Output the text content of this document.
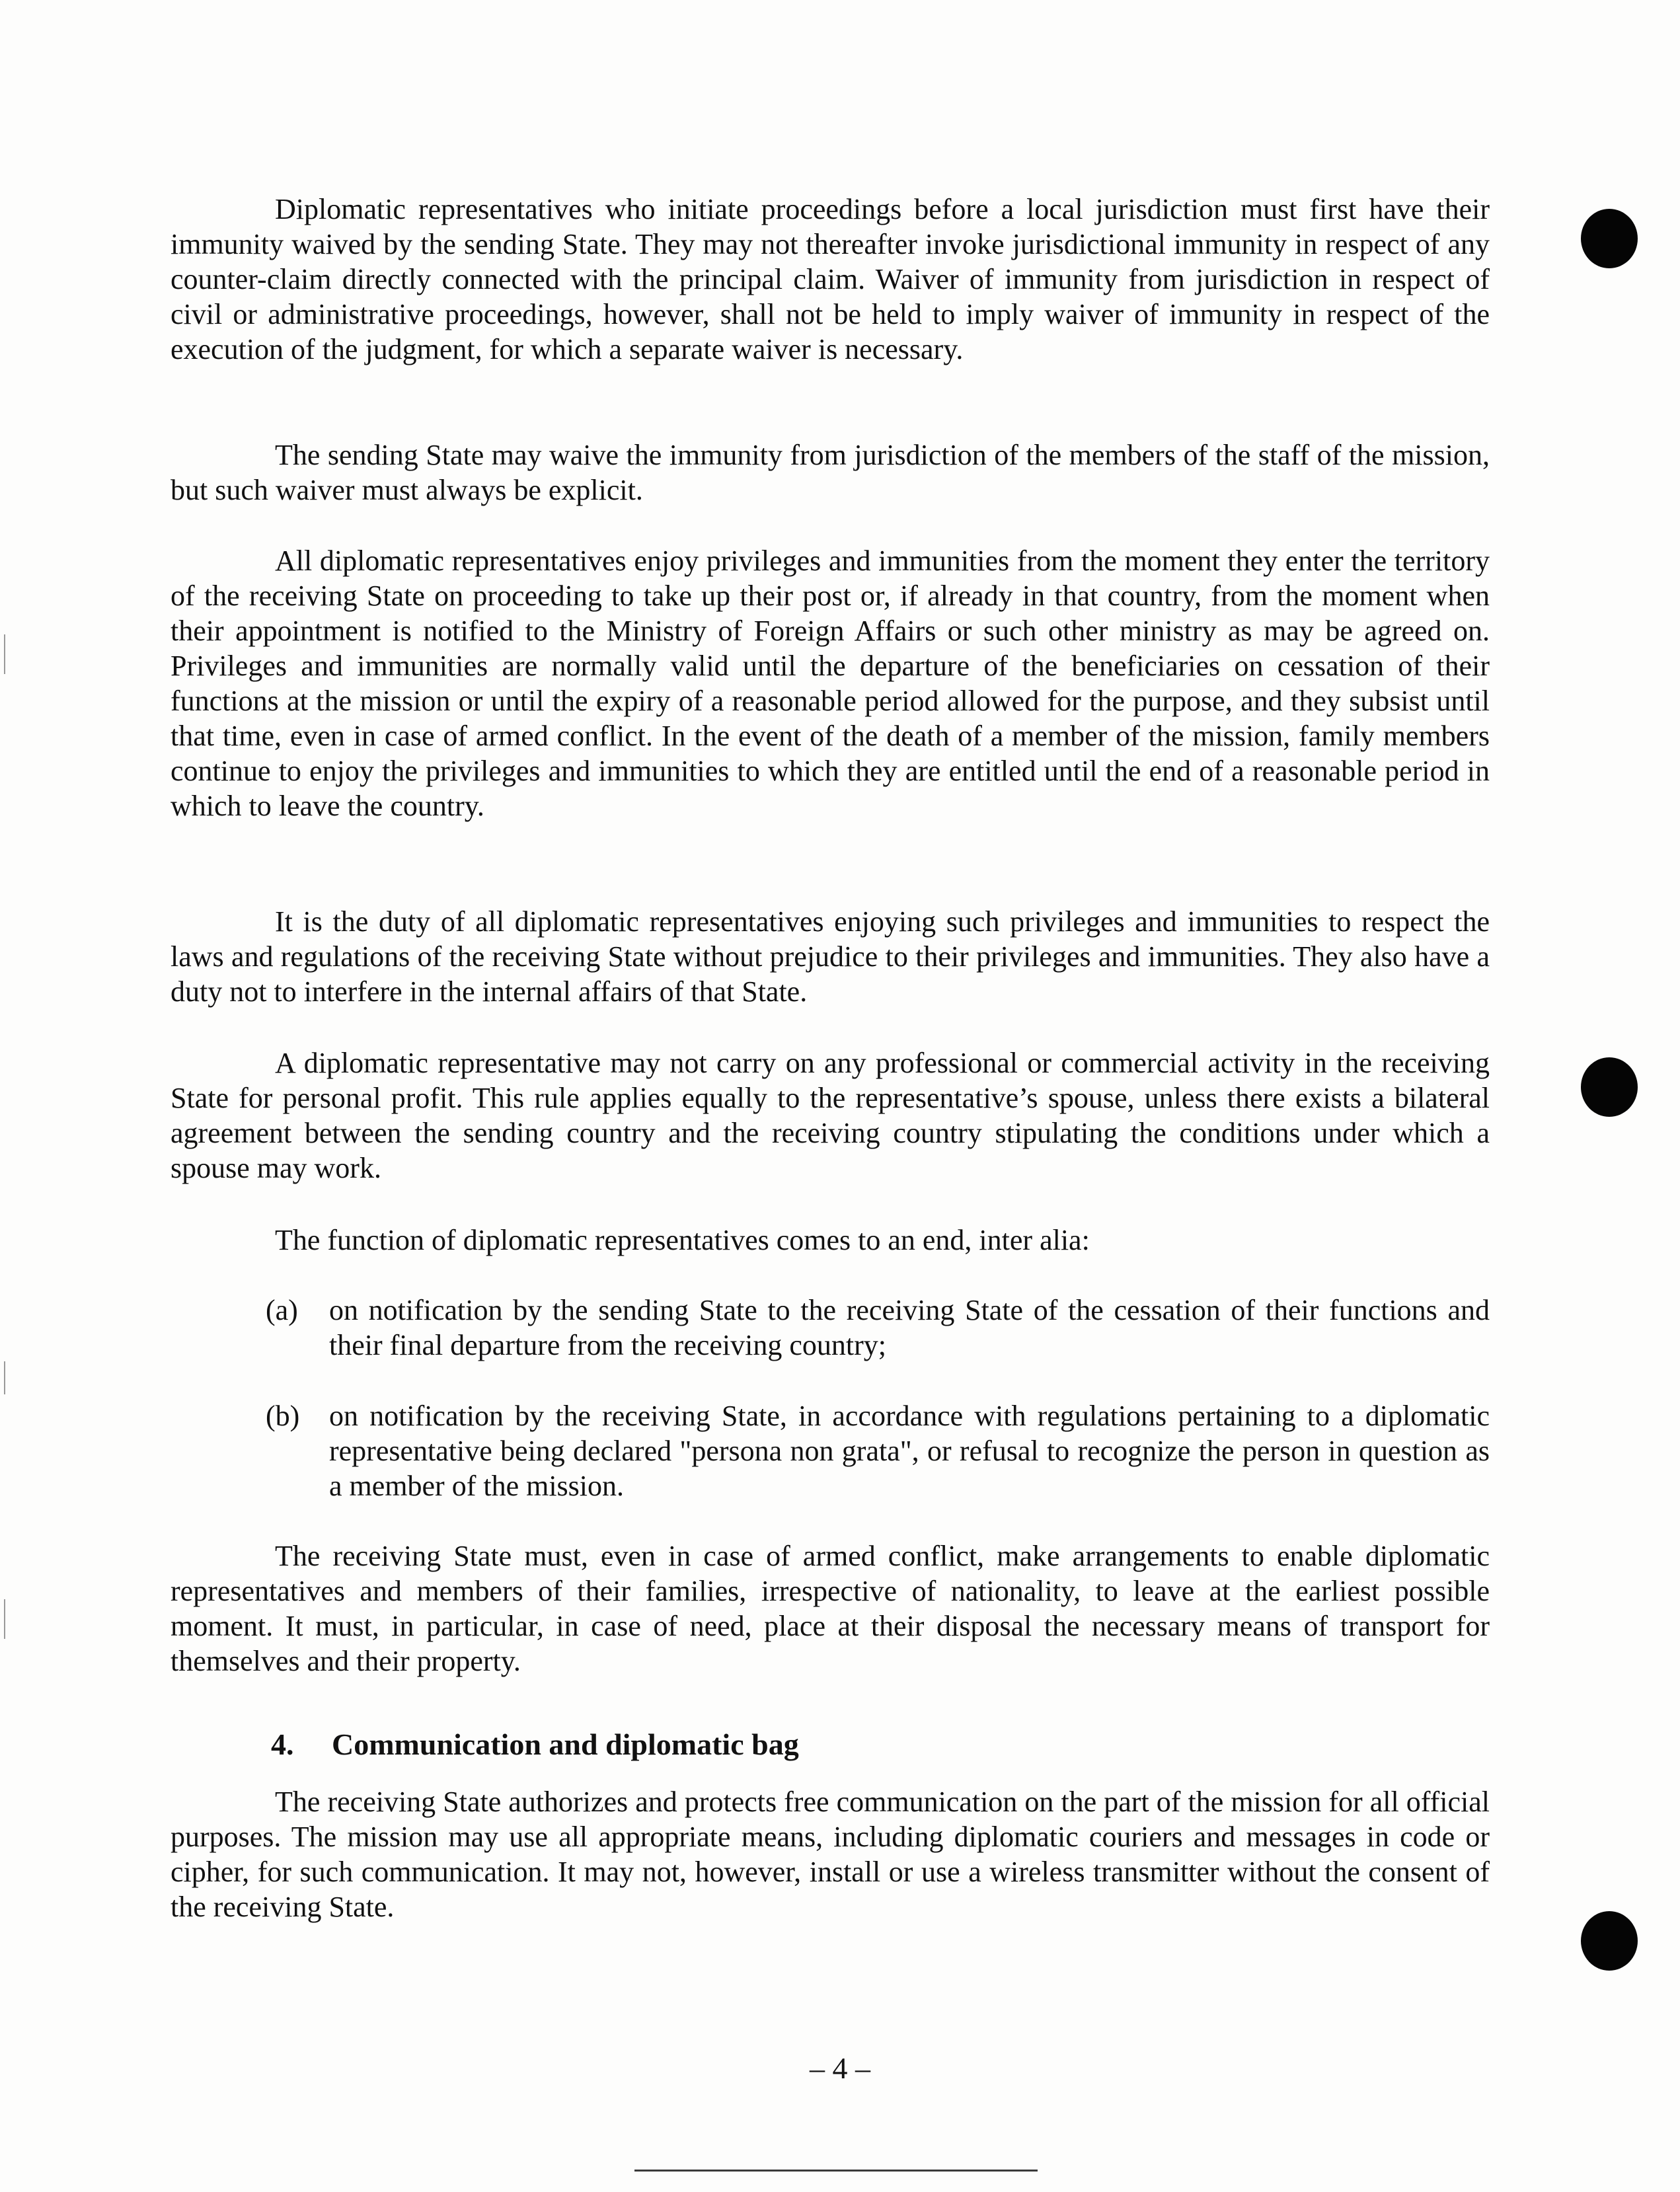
Diplomatic representatives who initiate proceedings before a local jurisdiction must first have their immunity waived by the sending State. They may not thereafter invoke jurisdictional immunity in respect of any counter-claim directly connected with the principal claim. Waiver of immunity from jurisdiction in respect of civil or administrative proceedings, however, shall not be held to imply waiver of immunity in respect of the execution of the judgment, for which a separate waiver is necessary.

The sending State may waive the immunity from jurisdiction of the members of the staff of the mission, but such waiver must always be explicit.

All diplomatic representatives enjoy privileges and immunities from the moment they enter the territory of the receiving State on proceeding to take up their post or, if already in that country, from the moment when their appointment is notified to the Ministry of Foreign Affairs or such other ministry as may be agreed on. Privileges and immunities are normally valid until the departure of the beneficiaries on cessation of their functions at the mission or until the expiry of a reasonable period allowed for the purpose, and they subsist until that time, even in case of armed conflict. In the event of the death of a member of the mission, family members continue to enjoy the privileges and immunities to which they are entitled until the end of a reasonable period in which to leave the country.

It is the duty of all diplomatic representatives enjoying such privileges and immunities to respect the laws and regulations of the receiving State without prejudice to their privileges and immunities. They also have a duty not to interfere in the internal affairs of that State.

A diplomatic representative may not carry on any professional or commercial activity in the receiving State for personal profit. This rule applies equally to the representative’s spouse, unless there exists a bilateral agreement between the sending country and the receiving country stipulating the conditions under which a spouse may work.

The function of diplomatic representatives comes to an end, inter alia:

(a)	on notification by the sending State to the receiving State of the cessation of their functions and their final departure from the receiving country;
(b)	on notification by the receiving State, in accordance with regulations pertaining to a diplomatic representative being declared "persona non grata", or refusal to recognize the person in question as a member of the mission.

The receiving State must, even in case of armed conflict, make arrangements to enable diplomatic representatives and members of their families, irrespective of nationality, to leave at the earliest possible moment. It must, in particular, in case of need, place at their disposal the necessary means of transport for themselves and their property.

4. Communication and diplomatic bag

The receiving State authorizes and protects free communication on the part of the mission for all official purposes. The mission may use all appropriate means, including diplomatic couriers and messages in code or cipher, for such communication. It may not, however, install or use a wireless transmitter without the consent of the receiving State.

– 4 –
